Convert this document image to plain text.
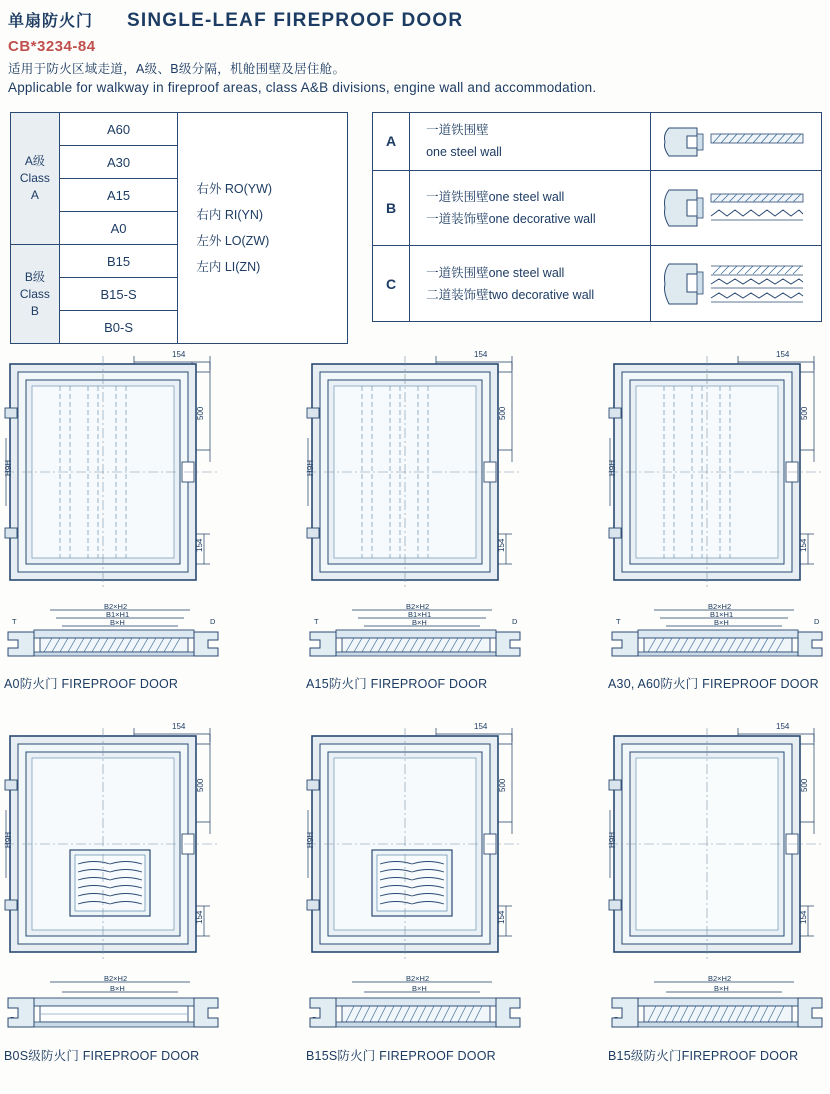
单扇防火门 SINGLE-LEAF FIREPROOF DOOR
CB*3234-84
适用于防火区域走道，A级、B级分隔，机舱围壁及居住舱。
Applicable for walkway in fireproof areas, class A&B divisions, engine wall and accommodation.
A级
Class
A
	A60	
右外 RO(YW)
右内 RI(YN)
左外 LO(ZW)
左内 LI(ZN)

	A30	
	A15	
	A0	

B级
Class
B	B15	
	B15-S	
	B0-S	
A	一道铁围壁
one steel wall

B	一道铁围壁one steel wall
一道装饰壁one decorative wall

C	一道铁围壁one steel wall
二道装饰壁two decorative wall

154
500
H9H
154
B2×H2
B1×H1
B×H
T	D
A0防火门 FIREPROOF DOOR
154
500
H9H
154
B2×H2
B1×H1
B×H
T	D
A15防火门 FIREPROOF DOOR
154
500
H9H
154
B2×H2
B1×H1
B×H
T	D
A30, A60防火门 FIREPROOF DOOR
154
500
H9H
154
B2×H2
B×H
B0S级防火门 FIREPROOF DOOR
154
500
H9H
154
B2×H2
B×H
B15S防火门 FIREPROOF DOOR
154
500
H9H
154
B2×H2
B×H
B15级防火门FIREPROOF DOOR
